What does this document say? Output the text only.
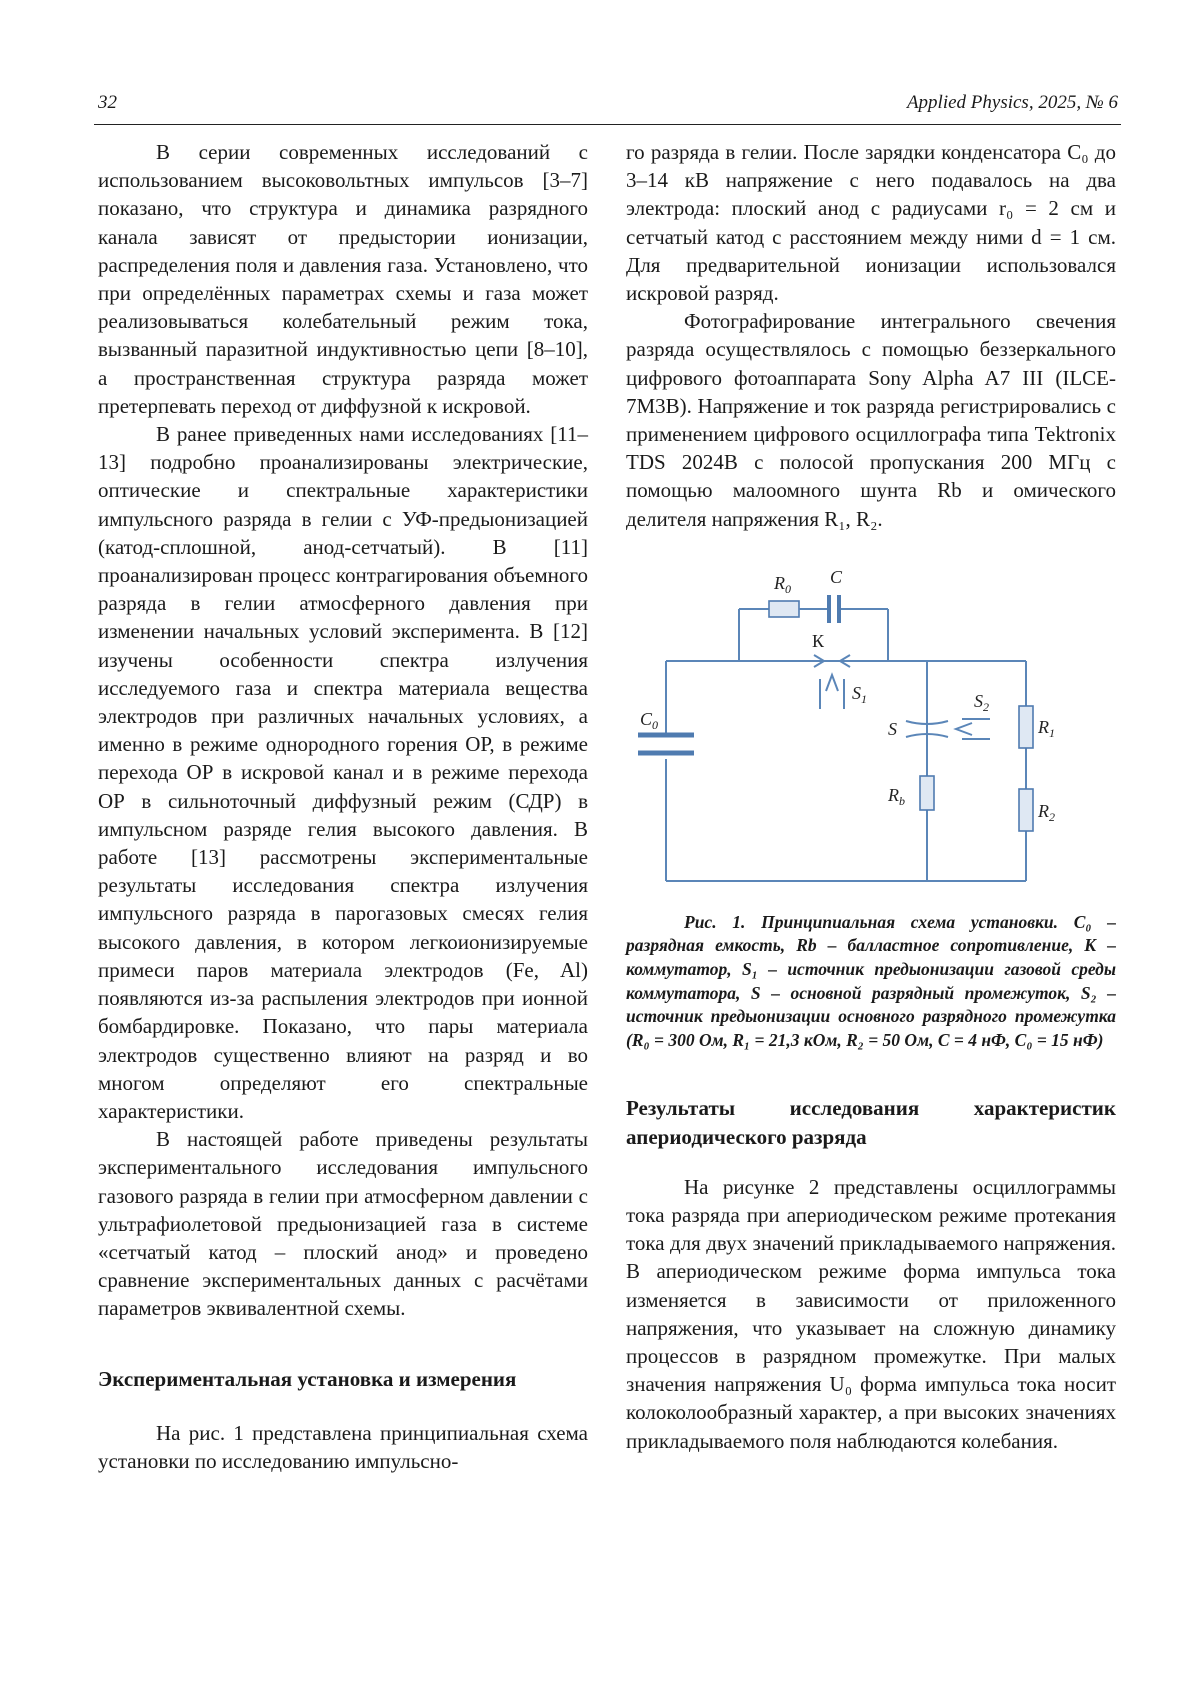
32	Applied Physics, 2025, № 6

В серии современных исследований с использованием высоковольтных импульсов [3–7] показано, что структура и динамика разрядного канала зависят от предыстории ионизации, распределения поля и давления газа. Установлено, что при определённых параметрах схемы и газа может реализовываться колебательный режим тока, вызванный паразитной индуктивностью цепи [8–10], а пространственная структура разряда может претерпевать переход от диффузной к искровой.

В ранее приведенных нами исследованиях [11–13] подробно проанализированы электрические, оптические и спектральные характеристики импульсного разряда в гелии с УФ-предыонизацией (катод-сплошной, анод-сетчатый). В [11] проанализирован процесс контрагирования объемного разряда в гелии атмосферного давления при изменении начальных условий эксперимента. В [12] изучены особенности спектра излучения исследуемого газа и спектра материала вещества электродов при различных начальных условиях, а именно в режиме однородного горения ОР, в режиме перехода ОР в искровой канал и в режиме перехода ОР в сильноточный диффузный режим (СДР) в импульсном разряде гелия высокого давления. В работе [13] рассмотрены экспериментальные результаты исследования спектра излучения импульсного разряда в парогазовых смесях гелия высокого давления, в котором легкоионизируемые примеси паров материала электродов (Fe, Al) появляются из-за распыления электродов при ионной бомбардировке. Показано, что пары материала электродов существенно влияют на разряд и во многом определяют его спектральные характеристики.

В настоящей работе приведены результаты экспериментального исследования импульсного газового разряда в гелии при атмосферном давлении с ультрафиолетовой предыонизацией газа в системе «сетчатый катод – плоский анод» и проведено сравнение экспериментальных данных с расчётами параметров эквивалентной схемы.

Экспериментальная установка и измерения

На рис. 1 представлена принципиальная схема установки по исследованию импульсно-

го разряда в гелии. После зарядки конденсатора C₀ до 3–14 кВ напряжение с него подавалось на два электрода: плоский анод с радиусами r₀ = 2 см и сетчатый катод с расстоянием между ними d = 1 см. Для предварительной ионизации использовался искровой разряд.

Фотографирование интегрального свечения разряда осуществлялось с помощью беззеркального цифрового фотоаппарата Sony Alpha A7 III (ILCE-7M3B). Напряжение и ток разряда регистрировались с применением цифрового осциллографа типа Tektronix TDS 2024B с полосой пропускания 200 МГц с помощью малоомного шунта Rb и омического делителя напряжения R₁, R₂.

$R_0$
C
К
$S_1$
$C_0$	S
$S_2$
$R_1$
$R_b$	$R_2$

Рис. 1. Принципиальная схема установки. C₀ – разрядная емкость, Rb – балластное сопротивление, К – коммутатор, S₁ – источник предыонизации газовой среды коммутатора, S – основной разрядный промежуток, S₂ – источник предыонизации основного разрядного промежутка (R₀ = 300 Ом, R₁ = 21,3 кОм, R₂ = 50 Ом, C = 4 нФ, C₀ = 15 нФ)

Результаты исследования характеристик апериодического разряда

На рисунке 2 представлены осциллограммы тока разряда при апериодическом режиме протекания тока для двух значений прикладываемого напряжения. В апериодическом режиме форма импульса тока изменяется в зависимости от приложенного напряжения, что указывает на сложную динамику процессов в разрядном промежутке. При малых значения напряжения U₀ форма импульса тока носит колоколообразный характер, а при высоких значениях прикладываемого поля наблюдаются колебания.
